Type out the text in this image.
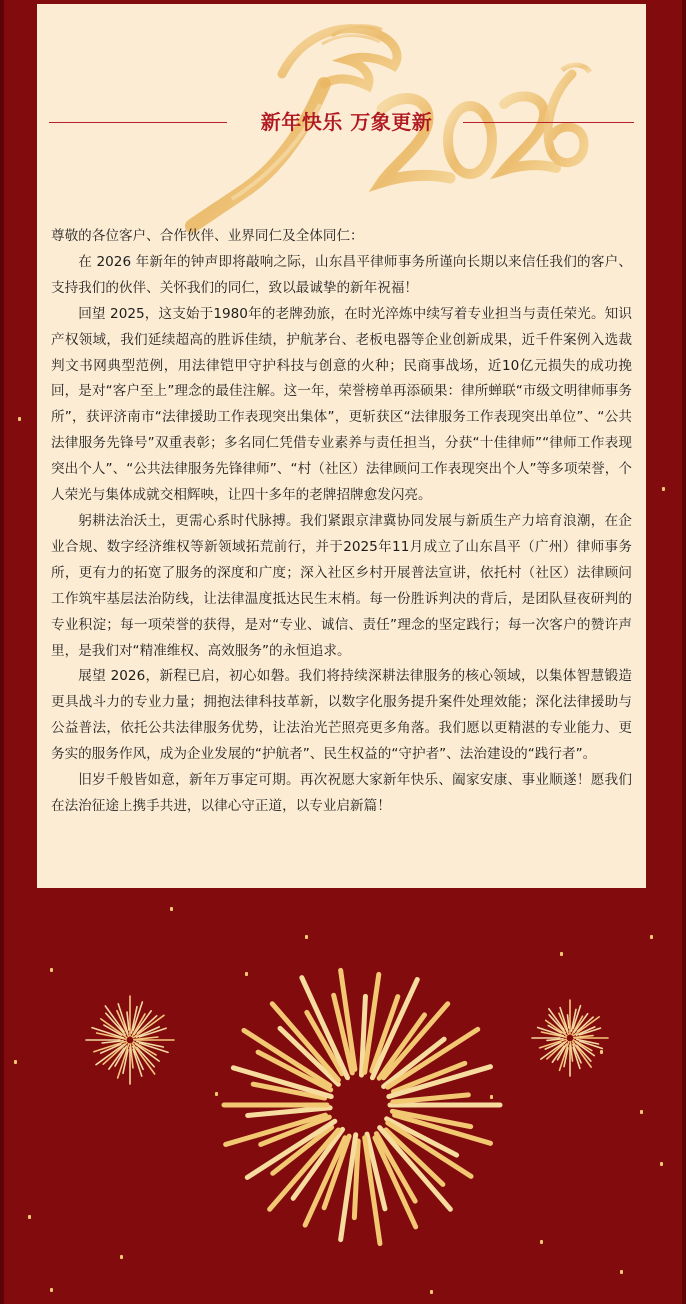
新年快乐 万象更新

尊敬的各位客户、合作伙伴、业界同仁及全体同仁：

在 2026 年新年的钟声即将敲响之际，山东昌平律师事务所谨向长期以来信任我们的客户、支持我们的伙伴、关怀我们的同仁，致以最诚挚的新年祝福！

回望 2025，这支始于1980年的老牌劲旅，在时光淬炼中续写着专业担当与责任荣光。知识产权领域，我们延续超高的胜诉佳绩，护航茅台、老板电器等企业创新成果，近千件案例入选裁判文书网典型范例，用法律铠甲守护科技与创意的火种；民商事战场，近10亿元损失的成功挽回，是对“客户至上”理念的最佳注解。这一年，荣誉榜单再添硕果：律所蝉联“市级文明律师事务所”，获评济南市“法律援助工作表现突出集体”，更斩获区“法律服务工作表现突出单位”、“公共法律服务先锋号”双重表彰；多名同仁凭借专业素养与责任担当，分获“十佳律师”“律师工作表现突出个人”、“公共法律服务先锋律师”、“村（社区）法律顾问工作表现突出个人”等多项荣誉，个人荣光与集体成就交相辉映，让四十多年的老牌招牌愈发闪亮。

躬耕法治沃土，更需心系时代脉搏。我们紧跟京津冀协同发展与新质生产力培育浪潮，在企业合规、数字经济维权等新领域拓荒前行，并于2025年11月成立了山东昌平（广州）律师事务所，更有力的拓宽了服务的深度和广度；深入社区乡村开展普法宣讲，依托村（社区）法律顾问工作筑牢基层法治防线，让法律温度抵达民生末梢。每一份胜诉判决的背后，是团队昼夜研判的专业积淀；每一项荣誉的获得，是对“专业、诚信、责任”理念的坚定践行；每一次客户的赞许声里，是我们对“精准维权、高效服务”的永恒追求。

展望 2026，新程已启，初心如磐。我们将持续深耕法律服务的核心领域，以集体智慧锻造更具战斗力的专业力量；拥抱法律科技革新，以数字化服务提升案件处理效能；深化法律援助与公益普法，依托公共法律服务优势，让法治光芒照亮更多角落。我们愿以更精湛的专业能力、更务实的服务作风，成为企业发展的“护航者”、民生权益的“守护者”、法治建设的“践行者”。

旧岁千般皆如意，新年万事定可期。再次祝愿大家新年快乐、阖家安康、事业顺遂！愿我们在法治征途上携手共进，以律心守正道，以专业启新篇！
